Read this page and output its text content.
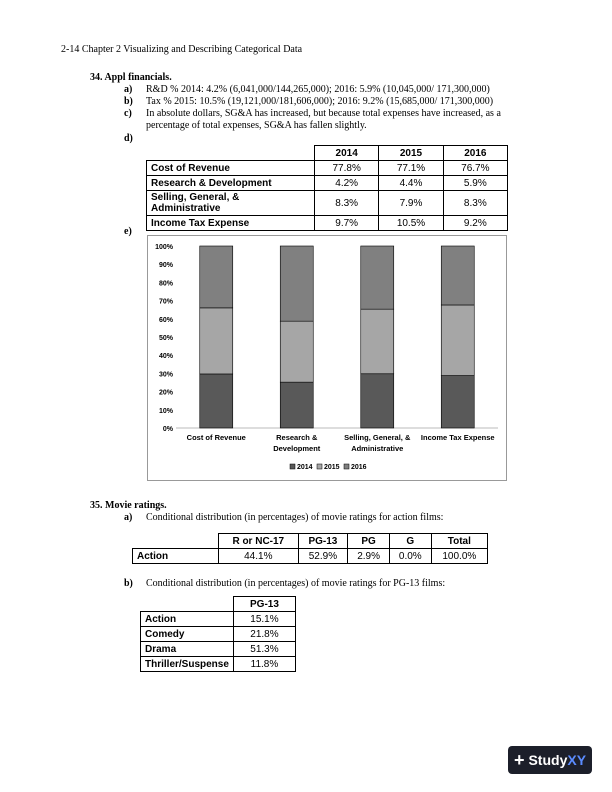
2-14 Chapter 2 Visualizing and Describing Categorical Data
34. Appl financials.
a) R&D % 2014: 4.2% (6,041,000/144,265,000); 2016: 5.9% (10,045,000/ 171,300,000)
b) Tax % 2015: 10.5% (19,121,000/181,606,000); 2016: 9.2% (15,685,000/ 171,300,000)
c) In absolute dollars, SG&A has increased, but because total expenses have increased, as a
percentage of total expenses, SG&A has fallen slightly.
d)
	2014	2015	2016
Cost of Revenue	77.8%	77.1%	76.7%
Research & Development	4.2%	4.4%	5.9%
Selling, General, & Administrative	8.3%	7.9%	8.3%
Income Tax Expense	9.7%	10.5%	9.2%
e)
0%
10%
20%
30%
40%
50%
60%
70%
80%
90%
100%
Cost of Revenue	Research &
Development
Selling, General, &
Administrative
Income Tax Expense
2014 2015 2016
35. Movie ratings.
a) Conditional distribution (in percentages) of movie ratings for action films:
	R or NC-17	PG-13	PG	G	Total
Action	44.1%	52.9%	2.9%	0.0%	100.0%
b) Conditional distribution (in percentages) of movie ratings for PG-13 films:
	PG-13
Action	15.1%
Comedy	21.8%
Drama	51.3%
Thriller/Suspense	11.8%
+ StudyXY
